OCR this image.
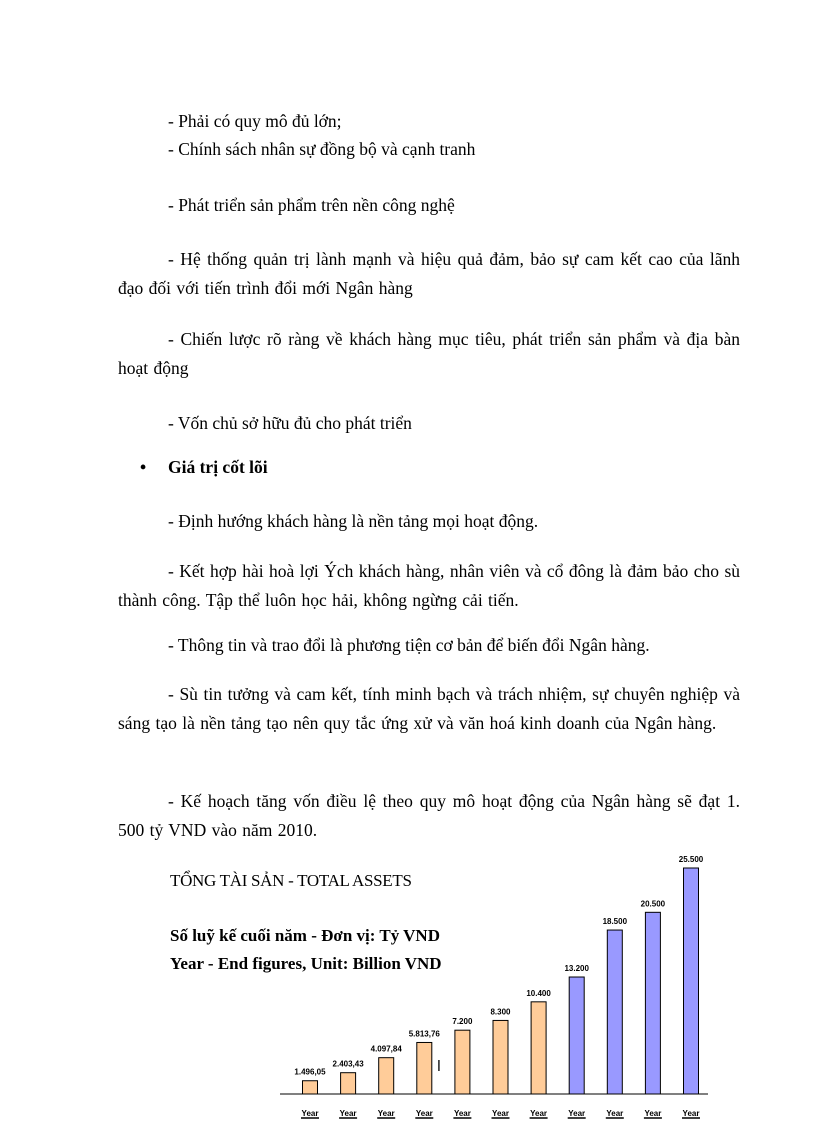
- Phải có quy mô đủ lớn;
- Chính sách nhân sự đồng bộ và cạnh tranh
- Phát triển sản phẩm trên nền công nghệ
- Hệ thống quản trị lành mạnh và hiệu quả đảm, bảo sự cam kết cao của lãnh đạo đối với tiến trình đổi mới Ngân hàng
- Chiến lược rõ ràng về khách hàng mục tiêu, phát triển sản phẩm và địa bàn hoạt động
- Vốn chủ sở hữu đủ cho phát triển
• Giá trị cốt lõi
- Định hướng khách hàng là nền tảng mọi hoạt động.
- Kết hợp hài hoà lợi Ých khách hàng, nhân viên và cổ đông là đảm bảo cho sù thành công. Tập thể luôn học hải, không ngừng cải tiến.
- Thông tin và trao đổi là phương tiện cơ bản để biến đổi Ngân hàng.
- Sù tin tưởng và cam kết, tính minh bạch và trách nhiệm, sự chuyên nghiệp và sáng tạo là nền tảng tạo nên quy tắc ứng xử và văn hoá kinh doanh của Ngân hàng.
- Kế hoạch tăng vốn điều lệ theo quy mô hoạt động của Ngân hàng sẽ đạt 1. 500 tỷ VND vào năm 2010.
TỔNG TÀI SẢN - TOTAL ASSETS
Số luỹ kế cuối năm - Đơn vị: Tỷ VND
Year - End figures, Unit: Billion VND
1.496,05
Year
2.403,43
Year
4.097,84
Year
5.813,76
Year
7.200
Year
8.300
Year
10.400
Year
13.200
Year
18.500
Year
20.500
Year
25.500
Year
l
